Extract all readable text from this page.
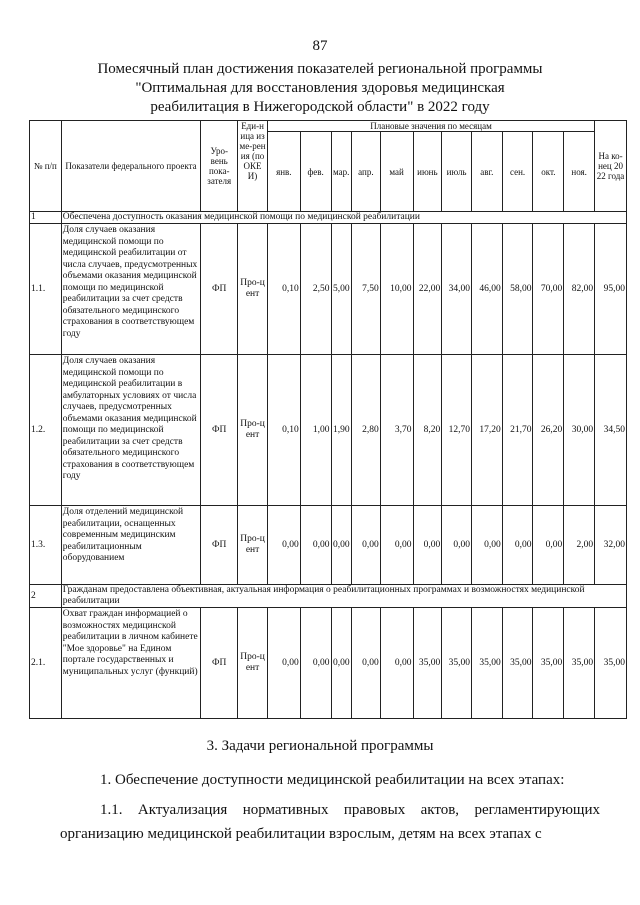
87
Помесячный план достижения показателей региональной программы
"Оптимальная для восстановления здоровья медицинская
реабилитация в Нижегородской области" в 2022 году
№ п/п	Показатели федерального проекта	Уро-вень пока-зателя	Еди-ница изме-рения (по ОКЕИ)	Плановые значения по месяцам											На ко-нец 2022 года
				янв.	фев.	мар.	апр.	май	июнь	июль	авг.	сен.	окт.	ноя.	
1	Обеспечена доступность оказания медицинской помощи по медицинской реабилитации														
1.1.	Доля случаев оказания медицинской помощи по медицинской реабилитации от числа случаев, предусмотренных объемами оказания медицинской помощи по медицинской реабилитации за счет средств обязательного медицинского страхования в соответствующем году	ФП	Про-цент	0,10	2,50	5,00	7,50	10,00	22,00	34,00	46,00	58,00	70,00	82,00	95,00
1.2.	Доля случаев оказания медицинской помощи по медицинской реабилитации в амбулаторных условиях от числа случаев, предусмотренных объемами оказания медицинской помощи по медицинской реабилитации за счет средств обязательного медицинского страхования в соответствующем году	ФП	Про-цент	0,10	1,00	1,90	2,80	3,70	8,20	12,70	17,20	21,70	26,20	30,00	34,50
1.3.	Доля отделений медицинской реабилитации, оснащенных современным медицинским реабилитационным оборудованием	ФП	Про-цент	0,00	0,00	0,00	0,00	0,00	0,00	0,00	0,00	0,00	0,00	2,00	32,00
2	Гражданам предоставлена объективная, актуальная информация о реабилитационных программах и возможностях медицинской реабилитации														
2.1.	Охват граждан информацией о возможностях медицинской реабилитации в личном кабинете "Мое здоровье" на Едином портале государственных и муниципальных услуг (функций)	ФП	Про-цент	0,00	0,00	0,00	0,00	0,00	35,00	35,00	35,00	35,00	35,00	35,00	35,00
3. Задачи региональной программы
1. Обеспечение доступности медицинской реабилитации на всех этапах:
1.1. Актуализация нормативных правовых актов, регламентирующих организацию медицинской реабилитации взрослым, детям на всех этапах с
